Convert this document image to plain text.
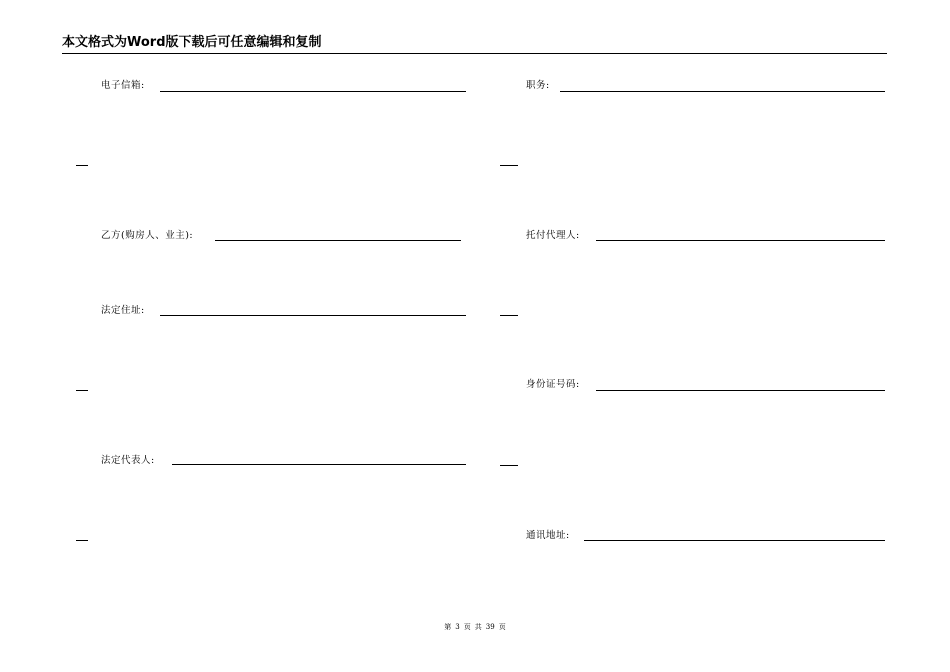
本文格式为Word版下载后可任意编辑和复制
电子信箱:	职务:
乙方(购房人、业主):	托付代理人:
法定住址:
身份证号码:
法定代表人:
通讯地址:
第 3 页 共 39 页
